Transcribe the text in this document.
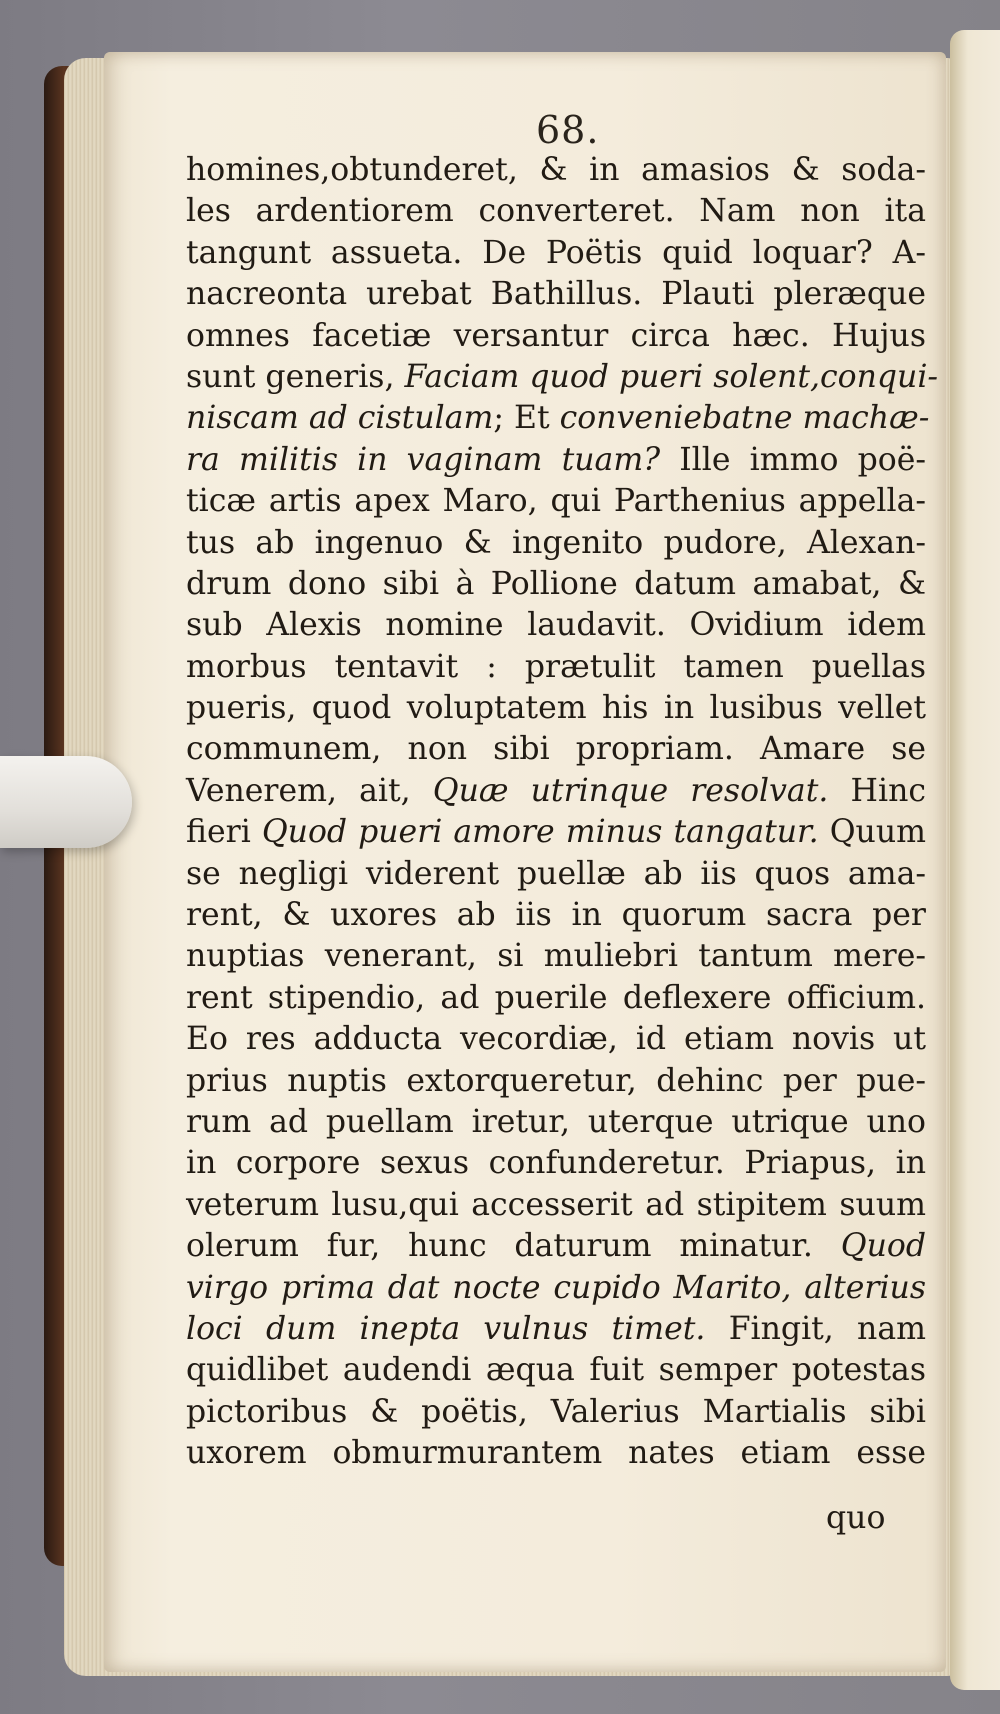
68.
homines,obtunderet, & in amasios & soda-
les ardentiorem converteret. Nam non ita
tangunt assueta. De Poëtis quid loquar? A-
nacreonta urebat Bathillus. Plauti pleræque
omnes facetiæ versantur circa hæc. Hujus
sunt generis, Faciam quod pueri solent,conqui-
niscam ad cistulam; Et conveniebatne machæ-
ra militis in vaginam tuam? Ille immo poë-
ticæ artis apex Maro, qui Parthenius appella-
tus ab ingenuo & ingenito pudore, Alexan-
drum dono sibi à Pollione datum amabat, &
sub Alexis nomine laudavit. Ovidium idem
morbus tentavit : prætulit tamen puellas
pueris, quod voluptatem his in lusibus vellet
communem, non sibi propriam. Amare se
Venerem, ait, Quæ utrinque resolvat. Hinc
fieri Quod pueri amore minus tangatur. Quum
se negligi viderent puellæ ab iis quos ama-
rent, & uxores ab iis in quorum sacra per
nuptias venerant, si muliebri tantum mere-
rent stipendio, ad puerile deflexere officium.
Eo res adducta vecordiæ, id etiam novis ut
prius nuptis extorqueretur, dehinc per pue-
rum ad puellam iretur, uterque utrique uno
in corpore sexus confunderetur. Priapus, in
veterum lusu,qui accesserit ad stipitem suum
olerum fur, hunc daturum minatur. Quod
virgo prima dat nocte cupido Marito, alterius
loci dum inepta vulnus timet. Fingit, nam
quidlibet audendi æqua fuit semper potestas
pictoribus & poëtis, Valerius Martialis sibi
uxorem obmurmurantem nates etiam esse
quo
